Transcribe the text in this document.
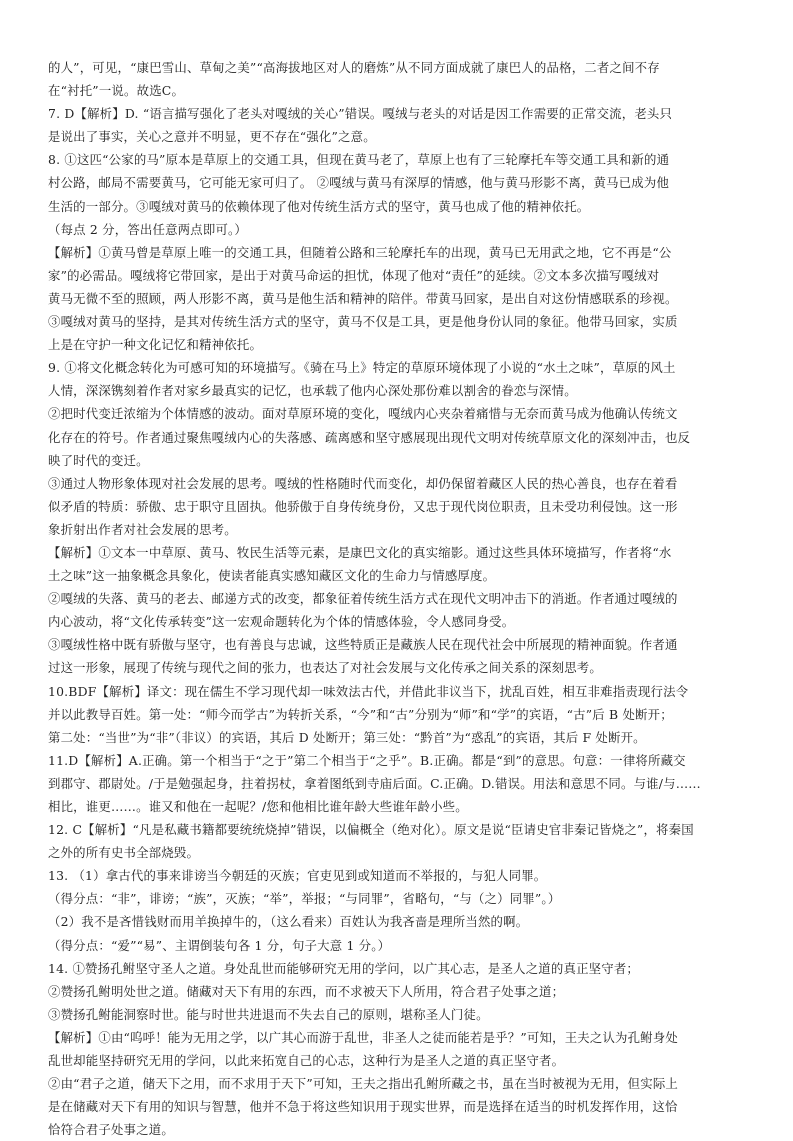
的人”，可见，“康巴雪山、草甸之美”“高海拔地区对人的磨炼”从不同方面成就了康巴人的品格，二者之间不存
在“衬托”一说。故选C。
7. D【解析】D. “语言描写强化了老头对嘎绒的关心”错误。嘎绒与老头的对话是因工作需要的正常交流，老头只
是说出了事实，关心之意并不明显，更不存在“强化”之意。
8. ①这匹“公家的马”原本是草原上的交通工具，但现在黄马老了，草原上也有了三轮摩托车等交通工具和新的通
村公路，邮局不需要黄马，它可能无家可归了。 ②嘎绒与黄马有深厚的情感，他与黄马形影不离，黄马已成为他
生活的一部分。③嘎绒对黄马的依赖体现了他对传统生活方式的坚守，黄马也成了他的精神依托。
（每点 2 分，答出任意两点即可。）
【解析】①黄马曾是草原上唯一的交通工具，但随着公路和三轮摩托车的出现，黄马已无用武之地，它不再是“公
家”的必需品。嘎绒将它带回家，是出于对黄马命运的担忧，体现了他对“责任”的延续。②文本多次描写嘎绒对
黄马无微不至的照顾，两人形影不离，黄马是他生活和精神的陪伴。带黄马回家，是出自对这份情感联系的珍视。
③嘎绒对黄马的坚持，是其对传统生活方式的坚守，黄马不仅是工具，更是他身份认同的象征。他带马回家，实质
上是在守护一种文化记忆和精神依托。
9. ①将文化概念转化为可感可知的环境描写。《骑在马上》特定的草原环境体现了小说的“水土之味”，草原的风土
人情，深深镌刻着作者对家乡最真实的记忆，也承载了他内心深处那份难以割舍的眷恋与深情。
②把时代变迁浓缩为个体情感的波动。面对草原环境的变化，嘎绒内心夹杂着痛惜与无奈而黄马成为他确认传统文
化存在的符号。作者通过聚焦嘎绒内心的失落感、疏离感和坚守感展现出现代文明对传统草原文化的深刻冲击，也反
映了时代的变迁。
③通过人物形象体现对社会发展的思考。嘎绒的性格随时代而变化，却仍保留着藏区人民的热心善良，也存在着看
似矛盾的特质：骄傲、忠于职守且固执。他骄傲于自身传统身份，又忠于现代岗位职责，且未受功利侵蚀。这一形
象折射出作者对社会发展的思考。
【解析】①文本一中草原、黄马、牧民生活等元素，是康巴文化的真实缩影。通过这些具体环境描写，作者将“水
土之味”这一抽象概念具象化，使读者能真实感知藏区文化的生命力与情感厚度。
②嘎绒的失落、黄马的老去、邮递方式的改变，都象征着传统生活方式在现代文明冲击下的消逝。作者通过嘎绒的
内心波动，将“文化传承转变”这一宏观命题转化为个体的情感体验，令人感同身受。
③嘎绒性格中既有骄傲与坚守，也有善良与忠诚，这些特质正是藏族人民在现代社会中所展现的精神面貌。作者通
过这一形象，展现了传统与现代之间的张力，也表达了对社会发展与文化传承之间关系的深刻思考。
10.BDF【解析】译文：现在儒生不学习现代却一味效法古代，并借此非议当下，扰乱百姓，相互非难指责现行法令
并以此教导百姓。第一处：“师今而学古”为转折关系，“今”和“古”分别为“师”和“学”的宾语，“古”后 B 处断开；
第二处：“当世”为“非”（非议）的宾语，其后 D 处断开；第三处：“黔首”为“惑乱”的宾语，其后 F 处断开。
11.D【解析】A.正确。第一个相当于“之于”第二个相当于“之乎”。B.正确。都是“到”的意思。句意：一律将所藏交
到郡守、郡尉处。/于是勉强起身，拄着拐杖，拿着图纸到寺庙后面。C.正确。D.错误。用法和意思不同。与谁/与……
相比，谁更……。谁又和他在一起呢？/您和他相比谁年龄大些谁年龄小些。
12. C【解析】“凡是私藏书籍都要统统烧掉”错误，以偏概全（绝对化）。原文是说“臣请史官非秦记皆烧之”，将秦国
之外的所有史书全部烧毁。
13. （1）拿古代的事来诽谤当今朝廷的灭族；官吏见到或知道而不举报的，与犯人同罪。
（得分点：“非”，诽谤；“族”，灭族；“举”，举报；“与同罪”，省略句，“与（之）同罪”。）
（2）我不是吝惜钱财而用羊换掉牛的，（这么看来）百姓认为我吝啬是理所当然的啊。
（得分点：“爱”“易”、主谓倒装句各 1 分，句子大意 1 分。）
14. ①赞扬孔鲋坚守圣人之道。身处乱世而能够研究无用的学问，以广其心志，是圣人之道的真正坚守者；
②赞扬孔鲋明处世之道。储藏对天下有用的东西，而不求被天下人所用，符合君子处事之道；
③赞扬孔鲋能洞察时世。能与时世共进退而不失去自己的原则，堪称圣人门徒。
【解析】①由“呜呼！能为无用之学，以广其心而游于乱世，非圣人之徒而能若是乎？”可知，王夫之认为孔鲋身处
乱世却能坚持研究无用的学问，以此来拓宽自己的心志，这种行为是圣人之道的真正坚守者。
②由“君子之道，储天下之用，而不求用于天下”可知，王夫之指出孔鲋所藏之书，虽在当时被视为无用，但实际上
是在储藏对天下有用的知识与智慧，他并不急于将这些知识用于现实世界，而是选择在适当的时机发挥作用，这恰
恰符合君子处事之道。
